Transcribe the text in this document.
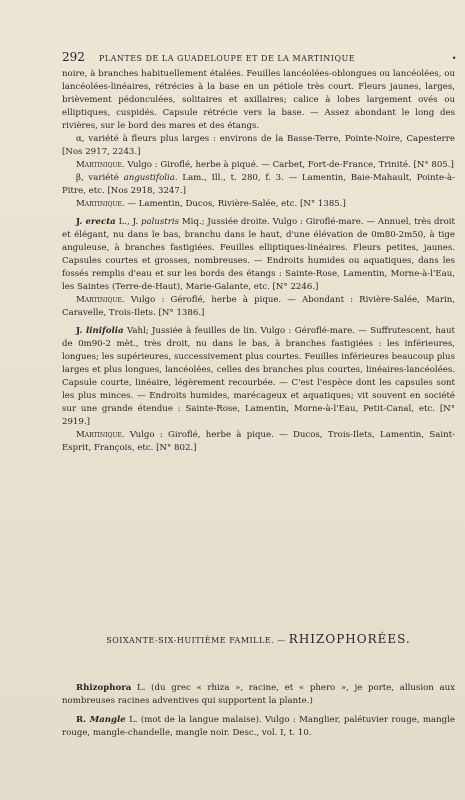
292 PLANTES DE LA GUADELOUPE ET DE LA MARTINIQUE	•

noire, à branches habituellement étalées. Feuilles lancéolées-oblongues ou lancéolées, ou lancéolées-linéaires, rétrécies à la base en un pétiole très court. Fleurs jaunes, larges, brièvement pédonculées, solitaires et axillaires; calice à lobes largement ovés ou elliptiques, cuspidés. Capsule rétrécie vers la base. — Assez abondant le long des rivières, sur le bord des mares et des étangs.

α, variété à fleurs plus larges : environs de la Basse-Terre, Pointe-Noire, Capesterre [Nos 2917, 2243.]

Martinique. Vulgo : Giroflé, herbe à piqué. — Carbet, Fort-de-France, Trinité. [N° 805.]

β, variété angustifolia. Lam., Ill., t. 280, f. 3. — Lamentin, Baie-Mahault, Pointe-à-Pitre, etc. [Nos 2918, 3247.]

Martinique. — Lamentin, Ducos, Rivière-Salée, etc. [N° 1385.]

J. erecta L., J. palustris Miq.; Jussiée droite. Vulgo : Giroflé-mare. — Annuel, très droit et élégant, nu dans le bas, branchu dans le haut, d'une élévation de 0m80-2m50, à tige anguleuse, à branches fastigiées. Feuilles elliptiques-linéaires. Fleurs petites, jaunes. Capsules courtes et grosses, nombreuses. — Endroits humides ou aquatiques, dans les fossés remplis d'eau et sur les bords des étangs : Sainte-Rose, Lamentin, Morne-à-l'Eau, les Saintes (Terre-de-Haut), Marie-Galante, etc. [N° 2246.]

Martinique. Vulgo : Géroflé, herbe à pique. — Abondant : Rivière-Salée, Marin, Caravelle, Trois-Ilets. [N° 1386.]

J. linifolia Vahl; Jussiée à feuilles de lin. Vulgo : Géroflé-mare. — Suffrutescent, haut de 0m90-2 mèt., très droit, nu dans le bas, à branches fastigiées : les inférieures, longues; les supérieures, successivement plus courtes. Feuilles inférieures beaucoup plus larges et plus longues, lancéolées, celles des branches plus courtes, linéaires-lancéolées. Capsule courte, linéaire, légèrement recourbée. — C'est l'espèce dont les capsules sont les plus minces. — Endroits humides, marécageux et aquatiques; vit souvent en société sur une grande étendue : Sainte-Rose, Lamentin, Morne-à-l'Eau, Petit-Canal, etc. [N° 2919.]

Martinique. Vulgo : Giroflé, herbe à pique. — Ducos, Trois-Ilets, Lamentin, Saint-Esprit, François, etc. [N° 802.]

SOIXANTE-SIX-HUITIÈME FAMILLE. — RHIZOPHORÉES.

Rhizophora L. (du grec « rhiza », racine, et « phero », je porte, allusion aux nombreuses racines adventives qui supportent la plante.)

R. Mangle L. (mot de la langue malaise). Vulgo : Manglier, palétuvier rouge, mangle rouge, mangle-chandelle, mangle noir. Desc., vol. I, t. 10.
